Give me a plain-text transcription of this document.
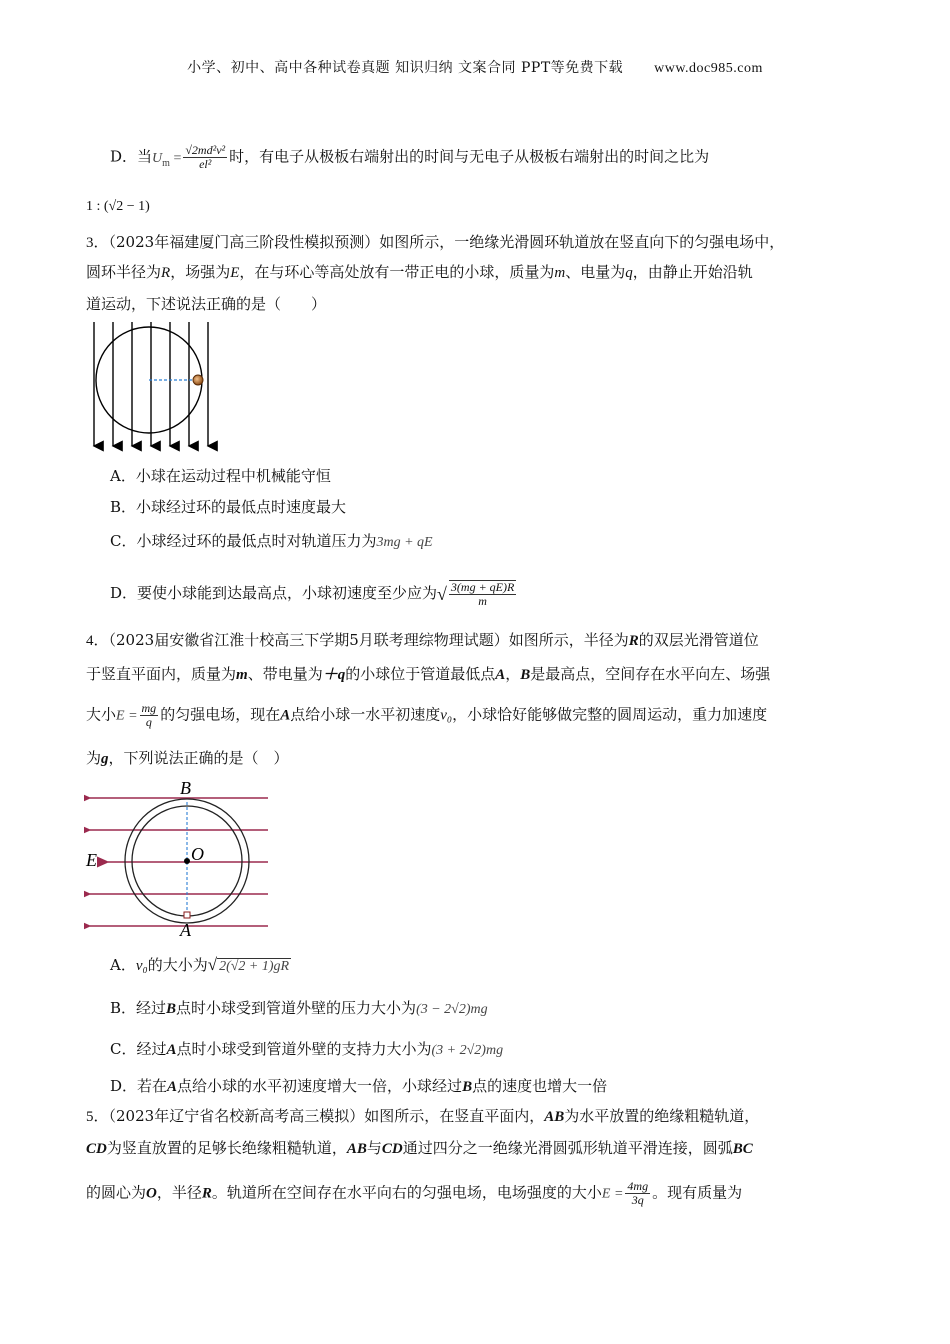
小学、初中、高中各种试卷真题 知识归纳 文案合同 PPT等免费下载 www.doc985.com
D．当$U_m = \frac{\text{√2md²v²}}{\text{el²}}$ 时，有电子从极板右端射出的时间与无电子从极板右端射出的时间之比为
1 : (√2 − 1)
3．（2023年福建厦门高三阶段性模拟预测）如图所示，一绝缘光滑圆环轨道放在竖直向下的匀强电场中，
圆环半径为R，场强为E，在与环心等高处放有一带正电的小球，质量为m、电量为q，由静止开始沿轨
道运动，下述说法正确的是（　　）
A．小球在运动过程中机械能守恒
B．小球经过环的最低点时速度最大
C．小球经过环的最低点时对轨道压力为3mg + qE
D．要使小球能到达最高点，小球初速度至少应为√ $\frac{3(mg + qE)R}{m}$
4．（2023届安徽省江淮十校高三下学期5月联考理综物理试题）如图所示，半径为R的双层光滑管道位
于竖直平面内，质量为m、带电量为＋q的小球位于管道最低点A，B是最高点，空间存在水平向左、场强
大小$E = \frac{mg}{q}$ 的匀强电场，现在A点给小球一水平初速度v₀，小球恰好能够做完整的圆周运动，重力加速度
为g，下列说法正确的是（　）
B
E	O
A
A．v₀的大小为√ 2(√2 + 1)gR
B．经过B点时小球受到管道外壁的压力大小为(3 − 2√2)mg
C．经过A点时小球受到管道外壁的支持力大小为(3 + 2√2)mg
D．若在A点给小球的水平初速度增大一倍，小球经过B点的速度也增大一倍
5．（2023年辽宁省名校新高考高三模拟）如图所示，在竖直平面内，AB为水平放置的绝缘粗糙轨道，
CD为竖直放置的足够长绝缘粗糙轨道，AB与CD通过四分之一绝缘光滑圆弧形轨道平滑连接，圆弧BC
的圆心为O，半径R。轨道所在空间存在水平向右的匀强电场，电场强度的大小$E = \frac{4mg}{3q}$ 。现有质量为
